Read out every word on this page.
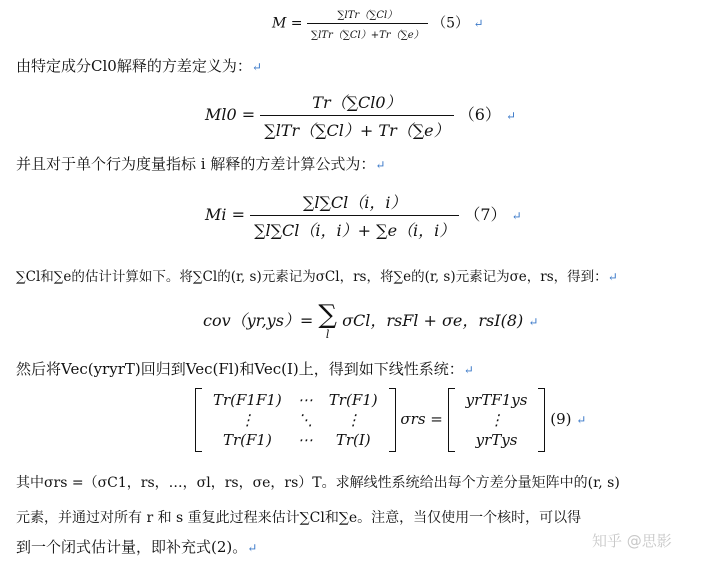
$M = \frac{\text{∑lTr（∑Cl）}}{\text{∑lTr（∑Cl）+Tr（∑e）}} (5)$ ↵
由特定成分Cl0解释的方差定义为：↵
$Ml0 = \frac{Tr(\sum Cl0)}{\text{∑lTr（∑Cl）+ Tr（∑e）}} (6)$ ↵
并且对于单个行为度量指标 i 解释的方差计算公式为：↵
$Mi = \frac{\sum l\sum Cl(i,i)}{\sum l\sum Cl(i,i)+ \sum e(i,i)} (7)$ ↵
∑Cl和∑e的估计计算如下。将∑Cl的(r, s)元素记为σCl，rs，将∑e的(r, s)元素记为σe，rs，得到：↵
cov（yr,ys）= ∑
l
σCl，rsFl + σe，rsI(8) ↵
然后将Vec(yryrT)回归到Vec(Fl)和Vec(I)上，得到如下线性系统：↵
Tr(F1F1)	⋯	Tr(F1)
⋮	⋱	⋮
Tr(F1)	⋯	Tr(I)
σrs =
yrTF1ys
⋮
yrTys
(9) ↵
其中σrs =（σC1，rs，…，σl，rs，σe，rs）T。求解线性系统给出每个方差分量矩阵中的(r, s)
元素，并通过对所有 r 和 s 重复此过程来估计∑Cl和∑e。注意，当仅使用一个核时，可以得
到一个闭式估计量，即补充式(2)。↵	知乎 @思影
